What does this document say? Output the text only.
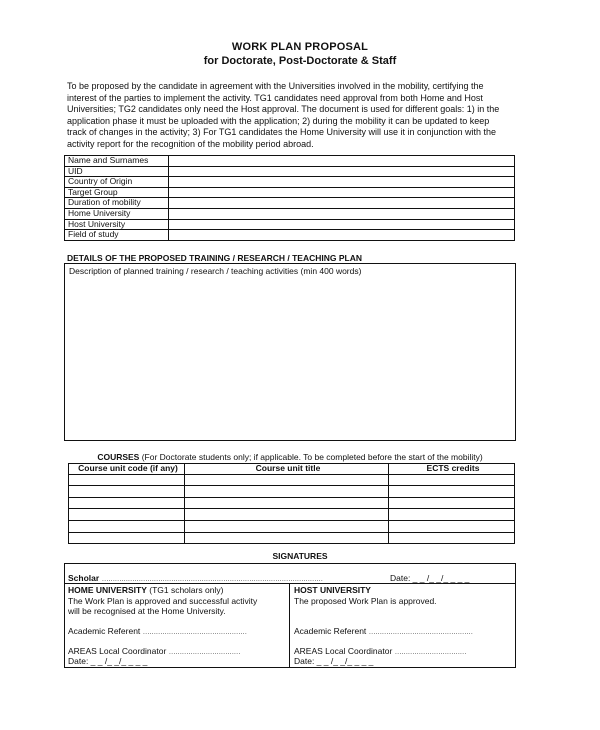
WORK PLAN PROPOSAL
for Doctorate, Post-Doctorate & Staff
To be proposed by the candidate in agreement with the Universities involved in the mobility, certifying the
interest of the parties to implement the activity. TG1 candidates need approval from both Home and Host
Universities; TG2 candidates only need the Host approval. The document is used for different goals: 1) in the
application phase it must be uploaded with the application; 2) during the mobility it can be updated to keep
track of changes in the activity; 3) For TG1 candidates the Home University will use it in conjunction with the
activity report for the recognition of the mobility period abroad.
Name and Surnames	
UID	
Country of Origin	
Target Group	
Duration of mobility	
Home University	
Host University	
Field of study	
DETAILS OF THE PROPOSED TRAINING / RESEARCH / TEACHING PLAN
Description of planned training / research / teaching activities (min 400 words)
COURSES (For Doctorate students only; if applicable. To be completed before the start of the mobility)
Course unit code (if any)	Course unit title	ECTS credits

SIGNATURES
Scholar …………………………………………………………………………………………	Date: _ _ /_ _/_ _ _ _
HOME UNIVERSITY (TG1 scholars only)
The Work Plan is approved and successful activity
will be recognised at the Home University.
Academic Referent …………………………………………
AREAS Local Coordinator ……………………………
Date: _ _ /_ _/_ _ _ _
HOST UNIVERSITY
The proposed Work Plan is approved.
Academic Referent …………………………………………
AREAS Local Coordinator ……………………………
Date: _ _ /_ _/_ _ _ _
